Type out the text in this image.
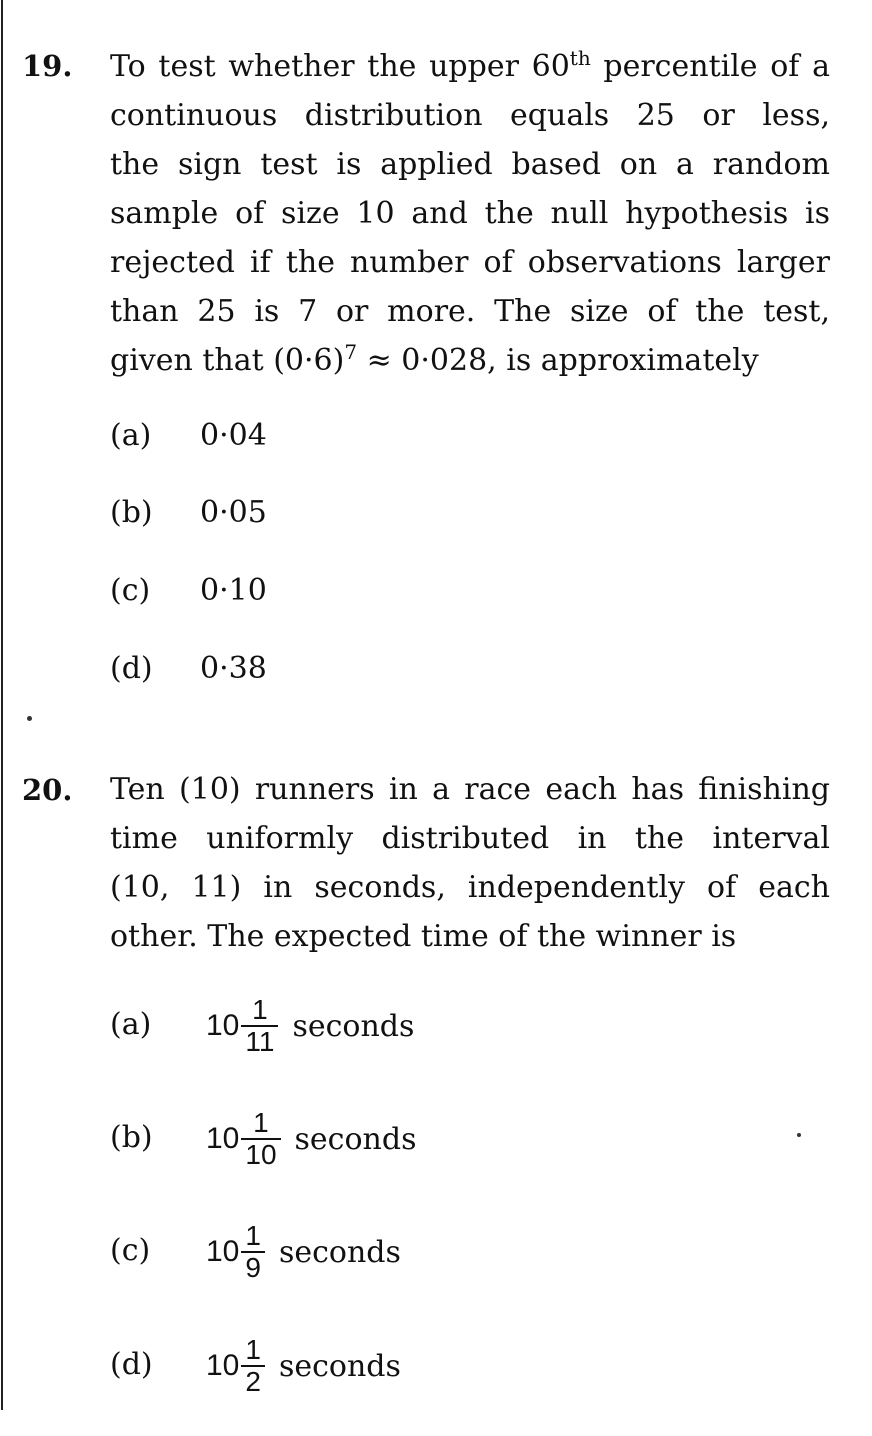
19. To test whether the upper 60th percentile of a
continuous distribution equals 25 or less,
the sign test is applied based on a random
sample of size 10 and the null hypothesis is
rejected if the number of observations larger
than 25 is 7 or more. The size of the test,
given that $(0\cdot 6)^7 \approx 0\cdot 028$, is approximately
(a) 0·04
(b) 0·05
(c) 0·10
(d) 0·38
20. Ten (10) runners in a race each has finishing
time uniformly distributed in the interval
(10, 11) in seconds, independently of each
other. The expected time of the winner is
(a)	$10 \frac{1}{11}$ seconds
(b)	$10 \frac{1}{10}$ seconds
(c)	$10 \frac{1}{9}$ seconds
(d)	$10 \frac{1}{2}$ seconds
